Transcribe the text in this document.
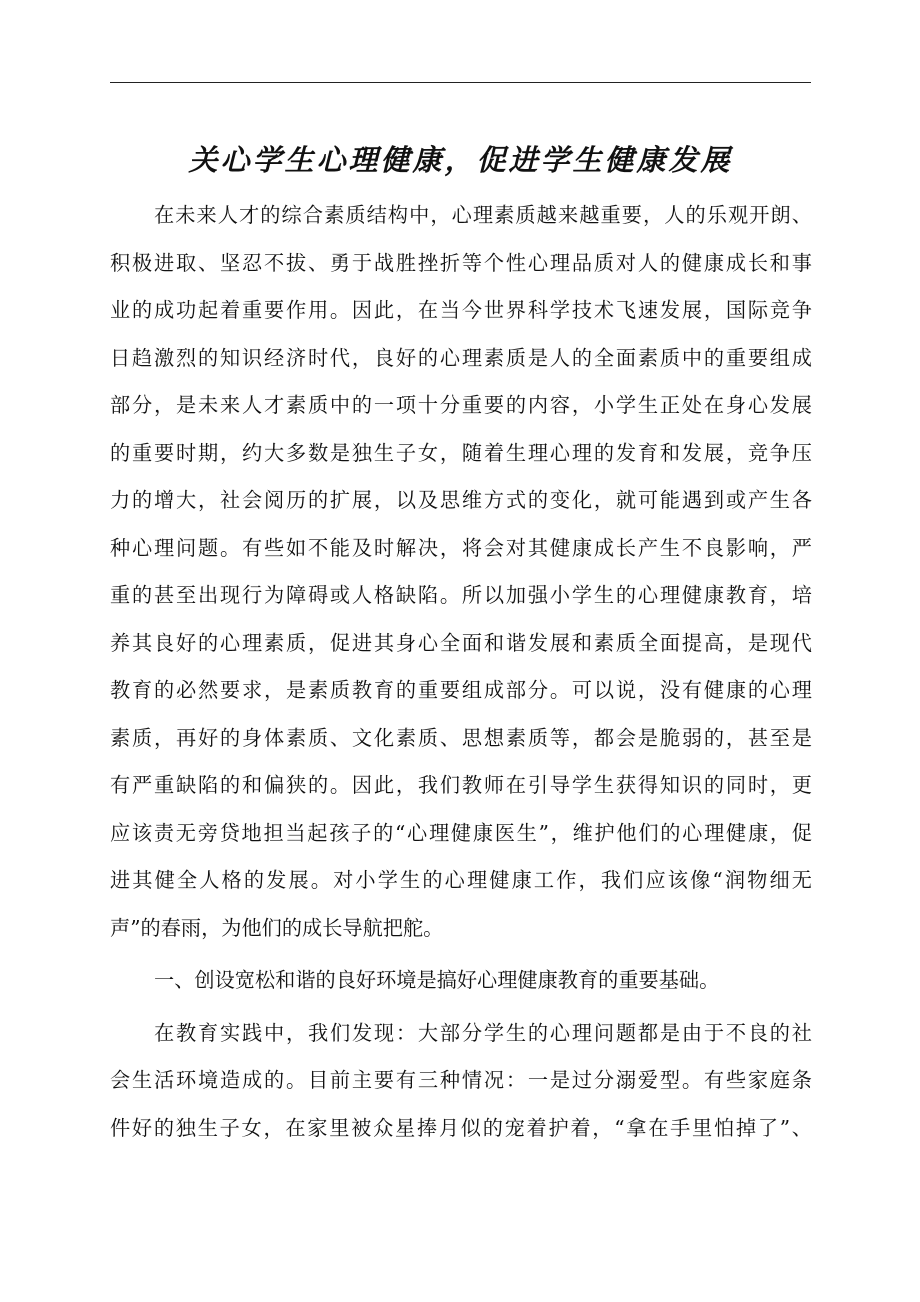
关心学生心理健康，促进学生健康发展
在未来人才的综合素质结构中，心理素质越来越重要，人的乐观开朗、
积极进取、坚忍不拔、勇于战胜挫折等个性心理品质对人的健康成长和事
业的成功起着重要作用。因此，在当今世界科学技术飞速发展，国际竞争
日趋激烈的知识经济时代，良好的心理素质是人的全面素质中的重要组成
部分，是未来人才素质中的一项十分重要的内容，小学生正处在身心发展
的重要时期，约大多数是独生子女，随着生理心理的发育和发展，竞争压
力的增大，社会阅历的扩展，以及思维方式的变化，就可能遇到或产生各
种心理问题。有些如不能及时解决，将会对其健康成长产生不良影响，严
重的甚至出现行为障碍或人格缺陷。所以加强小学生的心理健康教育，培
养其良好的心理素质，促进其身心全面和谐发展和素质全面提高，是现代
教育的必然要求，是素质教育的重要组成部分。可以说，没有健康的心理
素质，再好的身体素质、文化素质、思想素质等，都会是脆弱的，甚至是
有严重缺陷的和偏狭的。因此，我们教师在引导学生获得知识的同时，更
应该责无旁贷地担当起孩子的“心理健康医生”，维护他们的心理健康，促
进其健全人格的发展。对小学生的心理健康工作，我们应该像“润物细无
声”的春雨，为他们的成长导航把舵。
一、创设宽松和谐的良好环境是搞好心理健康教育的重要基础。
在教育实践中，我们发现：大部分学生的心理问题都是由于不良的社
会生活环境造成的。目前主要有三种情况：一是过分溺爱型。有些家庭条
件好的独生子女，在家里被众星捧月似的宠着护着，“拿在手里怕掉了”、
